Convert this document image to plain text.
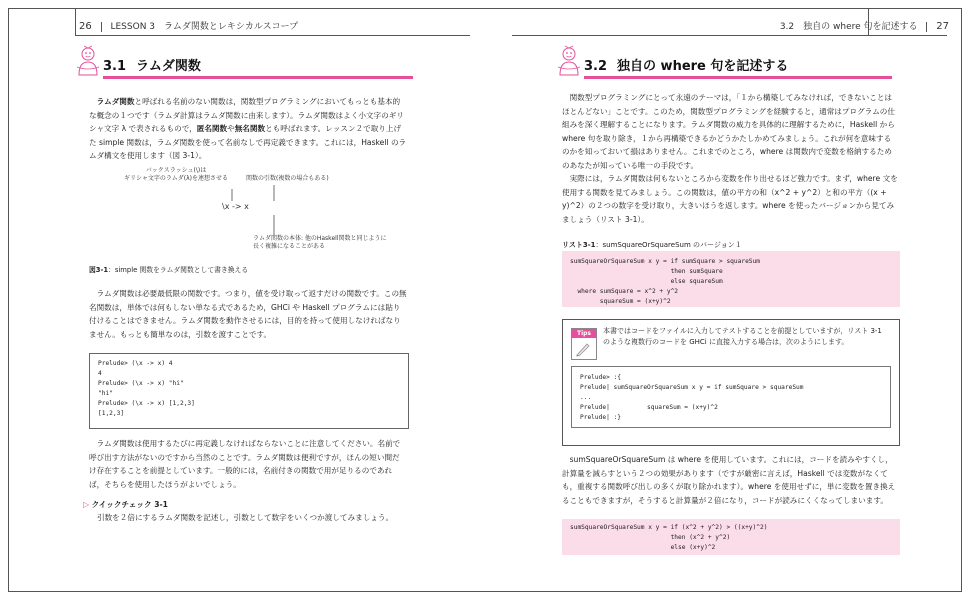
26 LESSON 3　ラムダ関数とレキシカルスコープ
3.1 ラムダ関数

ラムダ関数と呼ばれる名前のない関数は，関数型プログラミングにおいてもっとも基本的な概念の１つです（ラムダ計算はラムダ関数に由来します）。ラムダ関数はよく小文字のギリシャ文字 λ で表されるもので，匿名関数や無名関数とも呼ばれます。レッスン２で取り上げた simple 関数は，ラムダ関数を使って名前なしで再定義できます。これには，Haskell のラムダ構文を使用します（図 3-1）。

バックスラッシュ(\)は
ギリシャ文字のラムダ(λ)を連想させる	関数の引数(複数の場合もある)
\x -> x
ラムダ関数の本体: 他のHaskell関数と同じように
長く複雑になることがある
図3-1：simple 関数をラムダ関数として書き換える

ラムダ関数は必要最低限の関数です。つまり，値を受け取って返すだけの関数です。この無名関数は，単体では何もしない単なる式であるため，GHCi や Haskell プログラムには貼り付けることはできません。ラムダ関数を動作させるには，目的を持って使用しなければなりません。もっとも簡単なのは，引数を渡すことです。

Prelude> (\x -> x) 4
4
Prelude> (\x -> x) "hi"
"hi"
Prelude> (\x -> x) [1,2,3]
[1,2,3]

ラムダ関数は使用するたびに再定義しなければならないことに注意してください。名前で呼び出す方法がないのですから当然のことです。ラムダ関数は便利ですが，ほんの短い間だけ存在することを前提としています。一般的には，名前付きの関数で用が足りるのであれば，そちらを使用したほうがよいでしょう。

▷ クイックチェック 3-1
引数を２倍にするラムダ関数を記述し，引数として数字をいくつか渡してみましょう。
3.2　独自の where 句を記述する 27
3.2 独自の where 句を記述する

関数型プログラミングにとって永遠のテーマは，「１から構築してみなければ，できないことはほとんどない」ことです。このため，関数型プログラミングを経験すると，通常はプログラムの仕組みを深く理解することになります。ラムダ関数の威力を具体的に理解するために，Haskell から where 句を取り除き，１から再構築できるかどうかたしかめてみましょう。これが何を意味するのかを知っておいて損はありません。これまでのところ，where は関数内で変数を格納するためのあなたが知っている唯一の手段です。

実際には，ラムダ関数は何もないところから変数を作り出せるほど強力です。まず，where 文を使用する関数を見てみましょう。この関数は，値の平方の和（x^2 + y^2）と和の平方（(x + y)^2）の２つの数字を受け取り，大きいほうを返します。where を使ったバージョンから見てみましょう（リスト 3-1）。

リスト3-1：sumSquareOrSquareSum のバージョン１
sumSquareOrSquareSum x y = if sumSquare > squareSum
then sumSquare
else squareSum
where sumSquare = x^2 + y^2
squareSum = (x+y)^2
Tips	本書ではコードをファイルに入力してテストすることを前提としていますが，リスト 3-1 のような複数行のコードを GHCi に直接入力する場合は，次のようにします。
Prelude> :{
Prelude| sumSquareOrSquareSum x y = if sumSquare > squareSum
...
Prelude|          squareSum = (x+y)^2
Prelude| :}

sumSquareOrSquareSum は where を使用しています。これには，コードを読みやすくし，計算量を減らすという２つの効果があります（ですが厳密に言えば，Haskell では変数がなくても，重複する関数呼び出しの多くが取り除かれます）。where を使用せずに，単に変数を置き換えることもできますが，そうすると計算量が２倍になり，コードが読みにくくなってしまいます。

sumSquareOrSquareSum x y = if (x^2 + y^2) > ((x+y)^2)
then (x^2 + y^2)
else (x+y)^2
